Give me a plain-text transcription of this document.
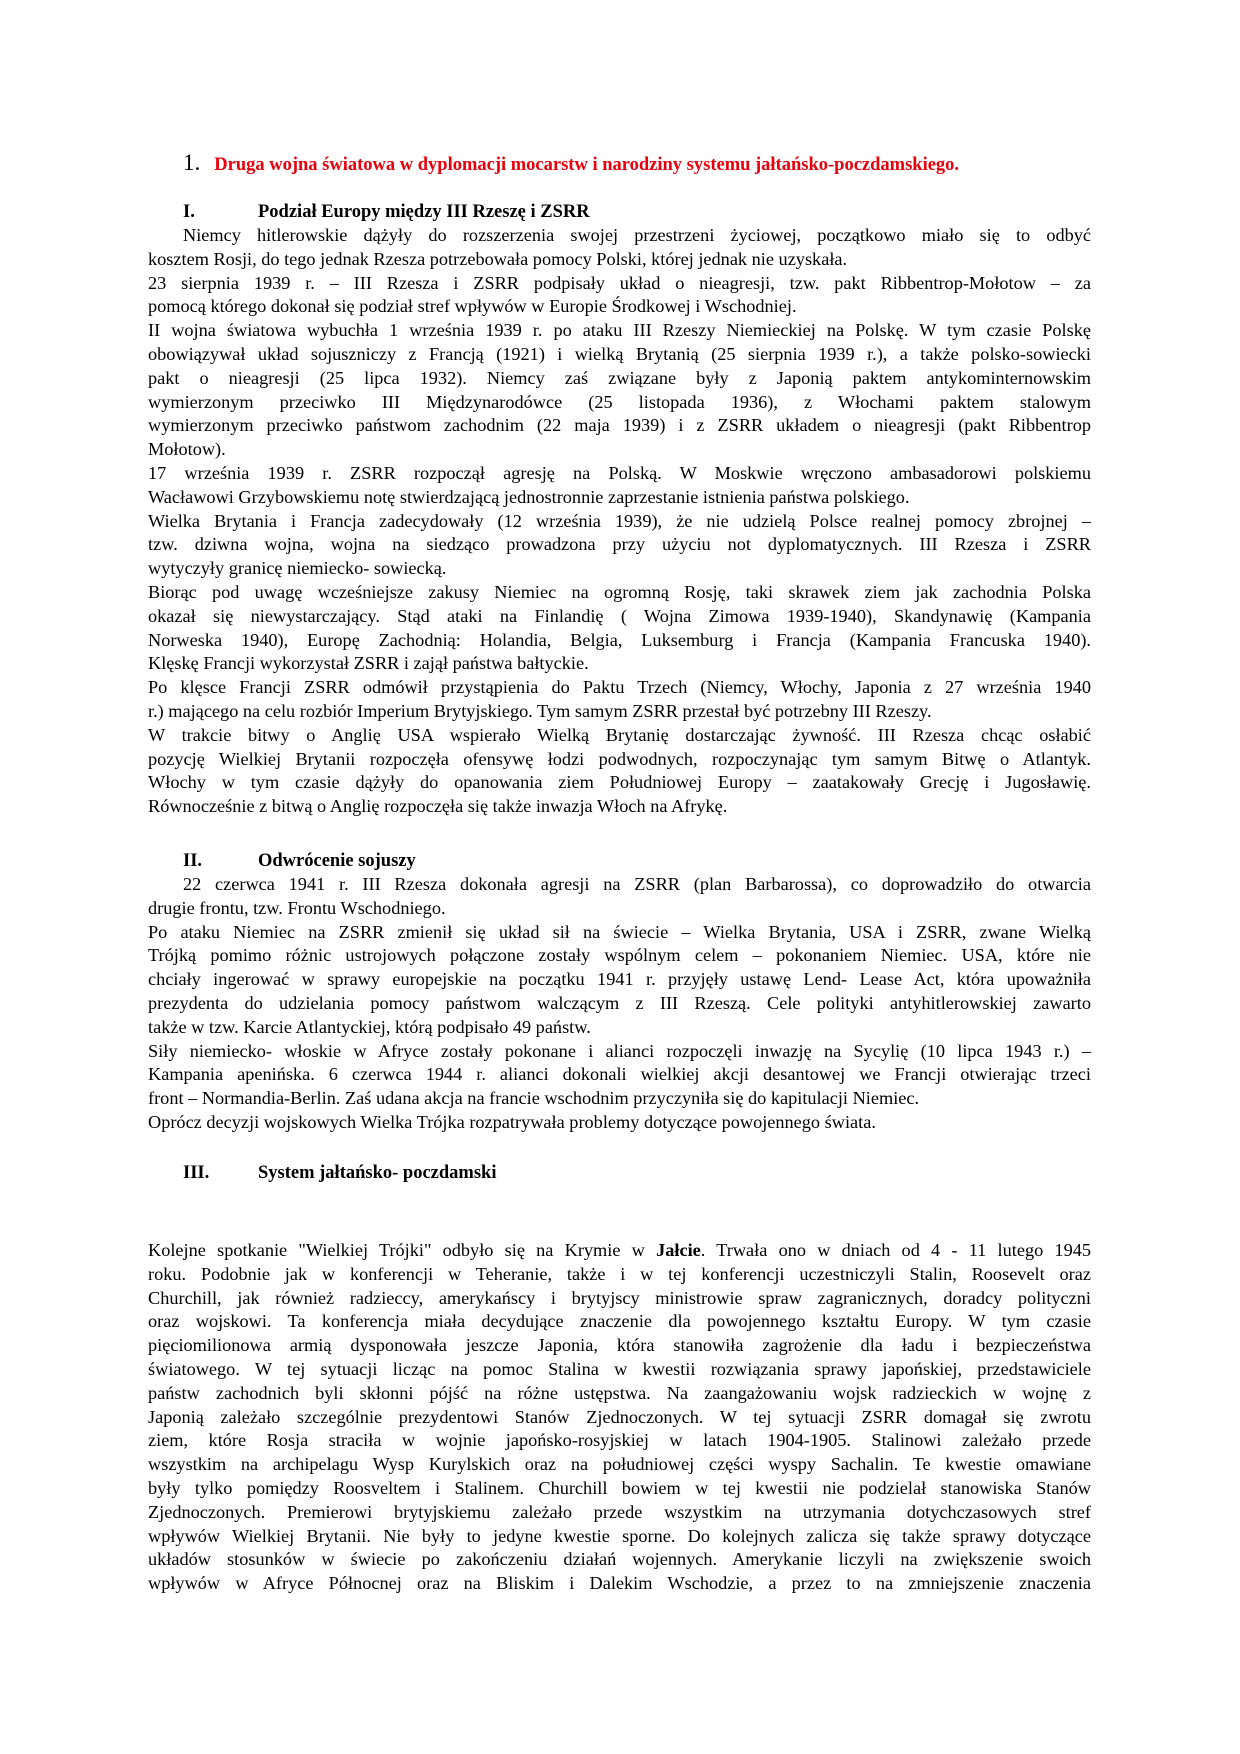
1. Druga wojna światowa w dyplomacji mocarstw i narodziny systemu jałtańsko-poczdamskiego.
I.	Podział Europy między III Rzeszę i ZSRR
Niemcy hitlerowskie dążyły do rozszerzenia swojej przestrzeni życiowej, początkowo miało się to odbyć
kosztem Rosji, do tego jednak Rzesza potrzebowała pomocy Polski, której jednak nie uzyskała.
23 sierpnia 1939 r. – III Rzesza i ZSRR podpisały układ o nieagresji, tzw. pakt Ribbentrop-Mołotow – za
pomocą którego dokonał się podział stref wpływów w Europie Środkowej i Wschodniej.
II wojna światowa wybuchła 1 września 1939 r. po ataku III Rzeszy Niemieckiej na Polskę. W tym czasie Polskę
obowiązywał układ sojuszniczy z Francją (1921) i wielką Brytanią (25 sierpnia 1939 r.), a także polsko-sowiecki
pakt o nieagresji (25 lipca 1932). Niemcy zaś związane były z Japonią paktem antykominternowskim
wymierzonym przeciwko III Międzynarodówce (25 listopada 1936), z Włochami paktem stalowym
wymierzonym przeciwko państwom zachodnim (22 maja 1939) i z ZSRR układem o nieagresji (pakt Ribbentrop
Mołotow).
17 września 1939 r. ZSRR rozpoczął agresję na Polską. W Moskwie wręczono ambasadorowi polskiemu
Wacławowi Grzybowskiemu notę stwierdzającą jednostronnie zaprzestanie istnienia państwa polskiego.
Wielka Brytania i Francja zadecydowały (12 września 1939), że nie udzielą Polsce realnej pomocy zbrojnej –
tzw. dziwna wojna, wojna na siedząco prowadzona przy użyciu not dyplomatycznych. III Rzesza i ZSRR
wytyczyły granicę niemiecko- sowiecką.
Biorąc pod uwagę wcześniejsze zakusy Niemiec na ogromną Rosję, taki skrawek ziem jak zachodnia Polska
okazał się niewystarczający. Stąd ataki na Finlandię ( Wojna Zimowa 1939-1940), Skandynawię (Kampania
Norweska 1940), Europę Zachodnią: Holandia, Belgia, Luksemburg i Francja (Kampania Francuska 1940).
Klęskę Francji wykorzystał ZSRR i zajął państwa bałtyckie.
Po klęsce Francji ZSRR odmówił przystąpienia do Paktu Trzech (Niemcy, Włochy, Japonia z 27 września 1940
r.) mającego na celu rozbiór Imperium Brytyjskiego. Tym samym ZSRR przestał być potrzebny III Rzeszy.
W trakcie bitwy o Anglię USA wspierało Wielką Brytanię dostarczając żywność. III Rzesza chcąc osłabić
pozycję Wielkiej Brytanii rozpoczęła ofensywę łodzi podwodnych, rozpoczynając tym samym Bitwę o Atlantyk.
Włochy w tym czasie dążyły do opanowania ziem Południowej Europy – zaatakowały Grecję i Jugosławię.
Równocześnie z bitwą o Anglię rozpoczęła się także inwazja Włoch na Afrykę.
II.	Odwrócenie sojuszy
22 czerwca 1941 r. III Rzesza dokonała agresji na ZSRR (plan Barbarossa), co doprowadziło do otwarcia
drugie frontu, tzw. Frontu Wschodniego.
Po ataku Niemiec na ZSRR zmienił się układ sił na świecie – Wielka Brytania, USA i ZSRR, zwane Wielką
Trójką pomimo różnic ustrojowych połączone zostały wspólnym celem – pokonaniem Niemiec. USA, które nie
chciały ingerować w sprawy europejskie na początku 1941 r. przyjęły ustawę Lend- Lease Act, która upoważniła
prezydenta do udzielania pomocy państwom walczącym z III Rzeszą. Cele polityki antyhitlerowskiej zawarto
także w tzw. Karcie Atlantyckiej, którą podpisało 49 państw.
Siły niemiecko- włoskie w Afryce zostały pokonane i alianci rozpoczęli inwazję na Sycylię (10 lipca 1943 r.) –
Kampania apenińska. 6 czerwca 1944 r. alianci dokonali wielkiej akcji desantowej we Francji otwierając trzeci
front – Normandia-Berlin. Zaś udana akcja na francie wschodnim przyczyniła się do kapitulacji Niemiec.
Oprócz decyzji wojskowych Wielka Trójka rozpatrywała problemy dotyczące powojennego świata.
III.	System jałtańsko- poczdamski
Kolejne spotkanie "Wielkiej Trójki" odbyło się na Krymie w Jałcie. Trwała ono w dniach od 4 - 11 lutego 1945
roku. Podobnie jak w konferencji w Teheranie, także i w tej konferencji uczestniczyli Stalin, Roosevelt oraz
Churchill, jak również radzieccy, amerykańscy i brytyjscy ministrowie spraw zagranicznych, doradcy polityczni
oraz wojskowi. Ta konferencja miała decydujące znaczenie dla powojennego kształtu Europy. W tym czasie
pięciomilionowa armią dysponowała jeszcze Japonia, która stanowiła zagrożenie dla ładu i bezpieczeństwa
światowego. W tej sytuacji licząc na pomoc Stalina w kwestii rozwiązania sprawy japońskiej, przedstawiciele
państw zachodnich byli skłonni pójść na różne ustępstwa. Na zaangażowaniu wojsk radzieckich w wojnę z
Japonią zależało szczególnie prezydentowi Stanów Zjednoczonych. W tej sytuacji ZSRR domagał się zwrotu
ziem, które Rosja straciła w wojnie japońsko-rosyjskiej w latach 1904-1905. Stalinowi zależało przede
wszystkim na archipelagu Wysp Kurylskich oraz na południowej części wyspy Sachalin. Te kwestie omawiane
były tylko pomiędzy Roosveltem i Stalinem. Churchill bowiem w tej kwestii nie podzielał stanowiska Stanów
Zjednoczonych. Premierowi brytyjskiemu zależało przede wszystkim na utrzymania dotychczasowych stref
wpływów Wielkiej Brytanii. Nie były to jedyne kwestie sporne. Do kolejnych zalicza się także sprawy dotyczące
układów stosunków w świecie po zakończeniu działań wojennych. Amerykanie liczyli na zwiększenie swoich
wpływów w Afryce Północnej oraz na Bliskim i Dalekim Wschodzie, a przez to na zmniejszenie znaczenia
